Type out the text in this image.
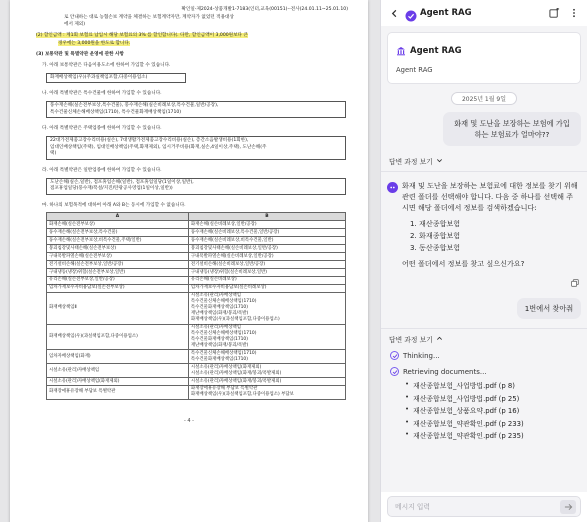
확인일-제2024-상품개발1-7183(인터,교육(00151)--전사(24.01.11~25.01.10)
로 안내하는 대로 농협손보 계약을 체결하는 보험계약자만, 계약자가 없었던 적용대상
에서 제외)
(2) 할인금액 : 계1회 보험료 납입시 해당 보험료의 3% 를 할인합니다(. 다만, 할인금액이 3,000원보다 큰
경우에는 3,000원을 한도로 합니다.
(3) 보통약관 및 특별약관 운영에 관한 사항
가. 아래 보통약관은 다음이용도소에 한하여 가입할 수 있습니다.
화재배상책임(우)(주과실책임포함,다중이용업소)
나. 아래 특별약관은 특수건물에 한하여 가입할 수 있습니다.
풍수재손해(실손전부보상,특수건물), 풍수재손해(실손비례보상,특수건물,일반/공장),
특수건물신체손해배상책임(1710), 특수건물화재배상책임(1710)
다. 아래 특별약관은 주택업종에 한하여 가입할 수 있습니다.
22대가전제품고장수리비용(실손), 7대생활가전제품고장수리비용(실손), 층간소음발생비용(1회한),
임대인배상책임(주택), 임대인배상책임(주택,화재제외), 임시거주비용(화재,실손,4일이상,주택), 도난손해(주
택)
라. 아래 특별약관은 일반업종에 한하여 가입할 수 있습니다.
도난손해(실손,일반), 점포휴업손해(일반), 점포휴업일당(1일이상,일반),
점포휴업일당(풍수재/폭설/지진/탄광공사영업(1일이상,일반))
마. 하나의 보험목적에 대하여 아래 A와 B는 동시에 가입할 수 없습니다.
A	B
화재손해(실손전부보상)	화재손해(실손비례보상,일반/공장)
풍수재손해(실손전부보상,특수건물)	풍수재손해(실손비례보상,특수건물,일반/공장)
풍수재손해(실손전부보상,비특수건물,주택/일반)	풍수재손해(실손비례보상,비특수건물,일반)
붕괴침강및사태손해(실손전부보상)	붕괴침강및사태손해(실손비례보상,일반/공장)
구내폭발파열손해(실손전부보상)	구내폭발파열손해(실손비례보상,일반/공장)
전기설비손해(실손전부보상,일반/공장)	전기설비손해(실손비례보상,일반/공장)
구내냉동(냉장)위험(실손전부보상,일반)	구내냉동(냉장)위험(실손비례보상,일반)
유리손해(실손전부보상,일반/공장)	유리손해(실손비례보상)
임차가재보수자비용담보(실손전부보상)	임차가재보수자비용담보(실손비례보상)
화재배상책임Ⅱ	시설소유(관리)자배상책임
특수건물신체손해배상책임(1710)
특수건물화재배상책임(1710)
재난배상책임(화재/붕괴/폭발)
화재배상책임(우)(과실책임포함,다중이용업소)
화재배상책임(우)(과실책임포함,다중이용업소)	시설소유(관리)자배상책임
특수건물신체손해배상책임(1710)
특수건물화재배상책임(1710)
재난배상책임(화재/붕괴/폭발)
임차자배상책임(화재)	특수건물신체손해배상책임(1710)
특수건물화재배상책임(1710)
시설소유(관리)자배상책임	시설소유(관리)자배상책임(화재제외)
시설소유(관리)자배상책임(화재/붕괴/폭발제외)
시설소유(관리)자배상책임(화재제외)	시설소유(관리)자배상책임(화재/붕괴/폭발제외)
화재장애휴유장해 부담보 특별약관	화재장애휴유장해 부담보 특별약관
화재배상책임(우)(과실책임포함,다중이용업소) 부담보
- 4 -
Agent RAG
Agent RAG
Agent RAG
2025년 1월 9일
화재 및 도난을 보장하는 보험에 가입하는 보험료가 얼마야??
답변 과정 보기
화재 및 도난을 보장하는 보험료에 대한 정보를 찾기 위해 관련 폴더를 선택해야 합니다. 다음 중 하나를 선택해 주시면 해당 폴더에서 정보를 검색하겠습니다:
1. 재산종합보험
2. 화재종합보험
3. 동산종합보험
어떤 폴더에서 정보를 찾고 싶으신가요?
1번에서 찾아줘
답변 과정 보기
Thinking...
Retrieving documents...
• 재산종합보험_사업방법.pdf (p 8)
• 재산종합보험_사업방법.pdf (p 25)
• 재산종합보험_상품요약.pdf (p 16)
• 재산종합보험_약관확인.pdf (p 233)
• 재산종합보험_약관확인.pdf (p 235)
메시지 입력
